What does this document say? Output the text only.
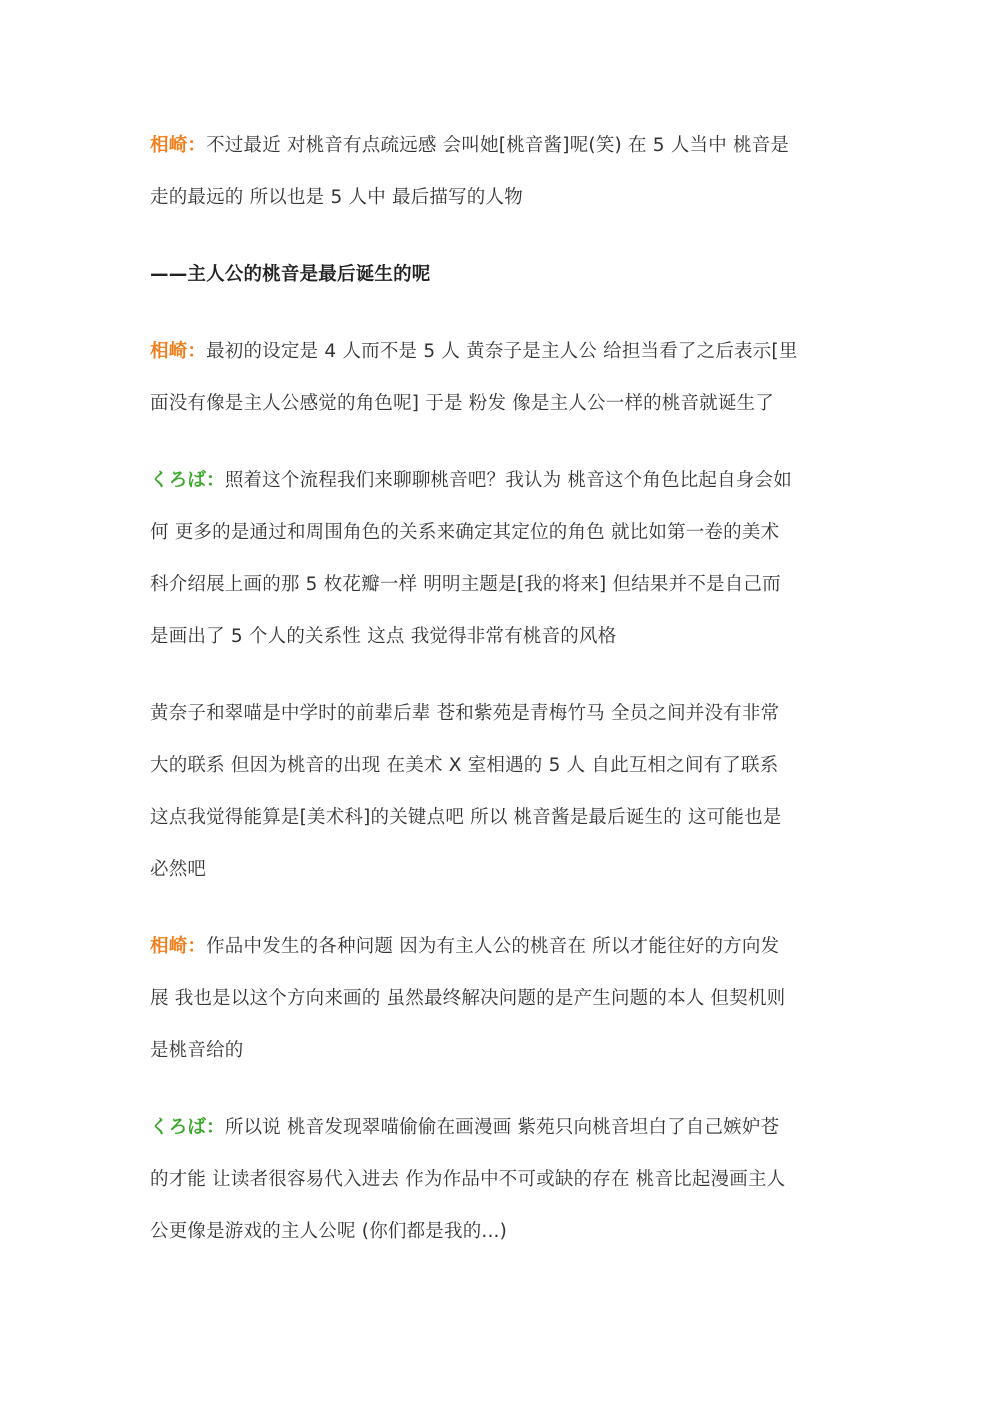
相崎：不过最近 对桃音有点疏远感 会叫她[桃音酱]呢(笑) 在 5 人当中 桃音是
走的最远的 所以也是 5 人中 最后描写的人物
——主人公的桃音是最后诞生的呢
相崎：最初的设定是 4 人而不是 5 人 黄奈子是主人公 给担当看了之后表示[里
面没有像是主人公感觉的角色呢] 于是 粉发 像是主人公一样的桃音就诞生了
くろば：照着这个流程我们来聊聊桃音吧？我认为 桃音这个角色比起自身会如
何 更多的是通过和周围角色的关系来确定其定位的角色 就比如第一卷的美术
科介绍展上画的那 5 枚花瓣一样 明明主题是[我的将来] 但结果并不是自己而
是画出了 5 个人的关系性 这点 我觉得非常有桃音的风格
黄奈子和翠喵是中学时的前辈后辈 苍和紫苑是青梅竹马 全员之间并没有非常
大的联系 但因为桃音的出现 在美术 X 室相遇的 5 人 自此互相之间有了联系
这点我觉得能算是[美术科]的关键点吧 所以 桃音酱是最后诞生的 这可能也是
必然吧
相崎：作品中发生的各种问题 因为有主人公的桃音在 所以才能往好的方向发
展 我也是以这个方向来画的 虽然最终解决问题的是产生问题的本人 但契机则
是桃音给的
くろば：所以说 桃音发现翠喵偷偷在画漫画 紫苑只向桃音坦白了自己嫉妒苍
的才能 让读者很容易代入进去 作为作品中不可或缺的存在 桃音比起漫画主人
公更像是游戏的主人公呢 (你们都是我的...)
